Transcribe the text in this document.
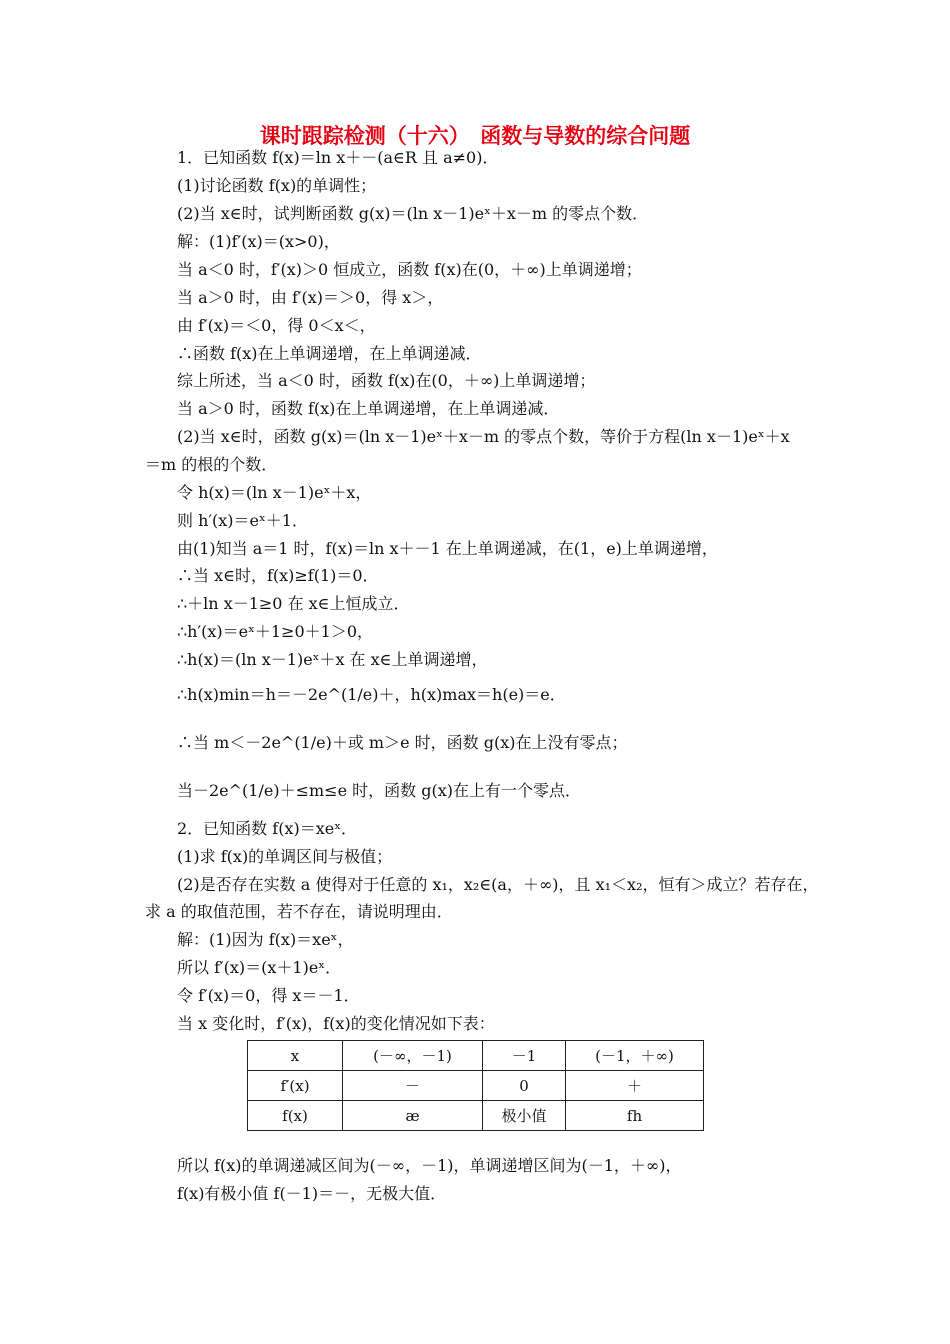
课时跟踪检测（十六）　函数与导数的综合问题
1．已知函数 f(x)＝ln x＋－(a∈R 且 a≠0)．
(1)讨论函数 f(x)的单调性；
(2)当 x∈时，试判断函数 g(x)＝(ln x－1)eˣ＋x－m 的零点个数．
解：(1)f′(x)＝(x>0)，
当 a＜0 时，f′(x)＞0 恒成立，函数 f(x)在(0，＋∞)上单调递增；
当 a＞0 时，由 f′(x)＝＞0，得 x＞，
由 f′(x)＝＜0，得 0＜x＜，
∴函数 f(x)在上单调递增，在上单调递减．
综上所述，当 a＜0 时，函数 f(x)在(0，＋∞)上单调递增；
当 a＞0 时，函数 f(x)在上单调递增，在上单调递减．
(2)当 x∈时，函数 g(x)＝(ln x－1)eˣ＋x－m 的零点个数，等价于方程(ln x－1)eˣ＋x
＝m 的根的个数．
令 h(x)＝(ln x－1)eˣ＋x，
则 h′(x)＝eˣ＋1．
由(1)知当 a＝1 时，f(x)＝ln x＋－1 在上单调递减，在(1，e)上单调递增，
∴当 x∈时，f(x)≥f(1)＝0．
∴＋ln x－1≥0 在 x∈上恒成立．
∴h′(x)＝eˣ＋1≥0＋1＞0，
∴h(x)＝(ln x－1)eˣ＋x 在 x∈上单调递增，
∴h(x)min＝h＝－2e^(1/e)＋，h(x)max＝h(e)＝e．
∴当 m＜－2e^(1/e)＋或 m＞e 时，函数 g(x)在上没有零点；
当－2e^(1/e)＋≤m≤e 时，函数 g(x)在上有一个零点．
2．已知函数 f(x)＝xeˣ．
(1)求 f(x)的单调区间与极值；
(2)是否存在实数 a 使得对于任意的 x₁，x₂∈(a，＋∞)，且 x₁＜x₂，恒有＞成立？若存在，
求 a 的取值范围，若不存在，请说明理由．
解：(1)因为 f(x)＝xeˣ，
所以 f′(x)＝(x＋1)eˣ．
令 f′(x)＝0，得 x＝－1．
当 x 变化时，f′(x)，f(x)的变化情况如下表：
x	(－∞，－1)	－1	(－1，＋∞)
f′(x)	－	0	＋
f(x)	æ	极小值	fh
所以 f(x)的单调递减区间为(－∞，－1)，单调递增区间为(－1，＋∞)，
f(x)有极小值 f(－1)＝－，无极大值．
